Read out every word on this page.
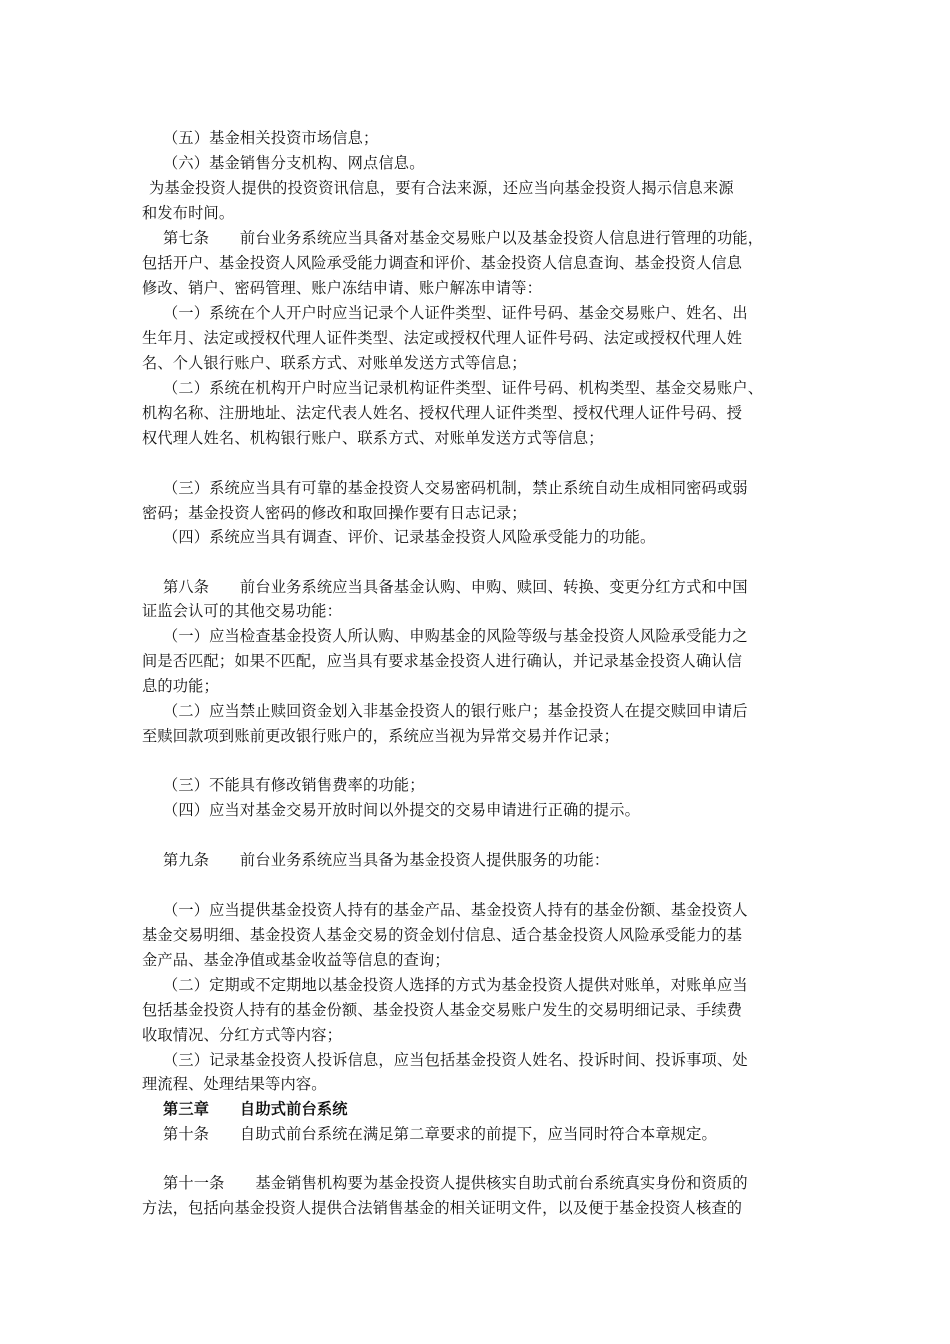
（五）基金相关投资市场信息；
（六）基金销售分支机构、网点信息。
为基金投资人提供的投资资讯信息，要有合法来源，还应当向基金投资人揭示信息来源
和发布时间。
第七条　　前台业务系统应当具备对基金交易账户以及基金投资人信息进行管理的功能，
包括开户、基金投资人风险承受能力调查和评价、基金投资人信息查询、基金投资人信息
修改、销户、密码管理、账户冻结申请、账户解冻申请等：
（一）系统在个人开户时应当记录个人证件类型、证件号码、基金交易账户、姓名、出
生年月、法定或授权代理人证件类型、法定或授权代理人证件号码、法定或授权代理人姓
名、个人银行账户、联系方式、对账单发送方式等信息；
（二）系统在机构开户时应当记录机构证件类型、证件号码、机构类型、基金交易账户、
机构名称、注册地址、法定代表人姓名、授权代理人证件类型、授权代理人证件号码、授
权代理人姓名、机构银行账户、联系方式、对账单发送方式等信息；
（三）系统应当具有可靠的基金投资人交易密码机制，禁止系统自动生成相同密码或弱
密码；基金投资人密码的修改和取回操作要有日志记录；
（四）系统应当具有调查、评价、记录基金投资人风险承受能力的功能。
第八条　　前台业务系统应当具备基金认购、申购、赎回、转换、变更分红方式和中国
证监会认可的其他交易功能：
（一）应当检查基金投资人所认购、申购基金的风险等级与基金投资人风险承受能力之
间是否匹配；如果不匹配，应当具有要求基金投资人进行确认，并记录基金投资人确认信
息的功能；
（二）应当禁止赎回资金划入非基金投资人的银行账户；基金投资人在提交赎回申请后
至赎回款项到账前更改银行账户的，系统应当视为异常交易并作记录；
（三）不能具有修改销售费率的功能；
（四）应当对基金交易开放时间以外提交的交易申请进行正确的提示。
第九条　　前台业务系统应当具备为基金投资人提供服务的功能：
（一）应当提供基金投资人持有的基金产品、基金投资人持有的基金份额、基金投资人
基金交易明细、基金投资人基金交易的资金划付信息、适合基金投资人风险承受能力的基
金产品、基金净值或基金收益等信息的查询；
（二）定期或不定期地以基金投资人选择的方式为基金投资人提供对账单，对账单应当
包括基金投资人持有的基金份额、基金投资人基金交易账户发生的交易明细记录、手续费
收取情况、分红方式等内容；
（三）记录基金投资人投诉信息，应当包括基金投资人姓名、投诉时间、投诉事项、处
理流程、处理结果等内容。
第三章　　自助式前台系统
第十条　　自助式前台系统在满足第二章要求的前提下，应当同时符合本章规定。
第十一条　　基金销售机构要为基金投资人提供核实自助式前台系统真实身份和资质的
方法，包括向基金投资人提供合法销售基金的相关证明文件，以及便于基金投资人核查的
